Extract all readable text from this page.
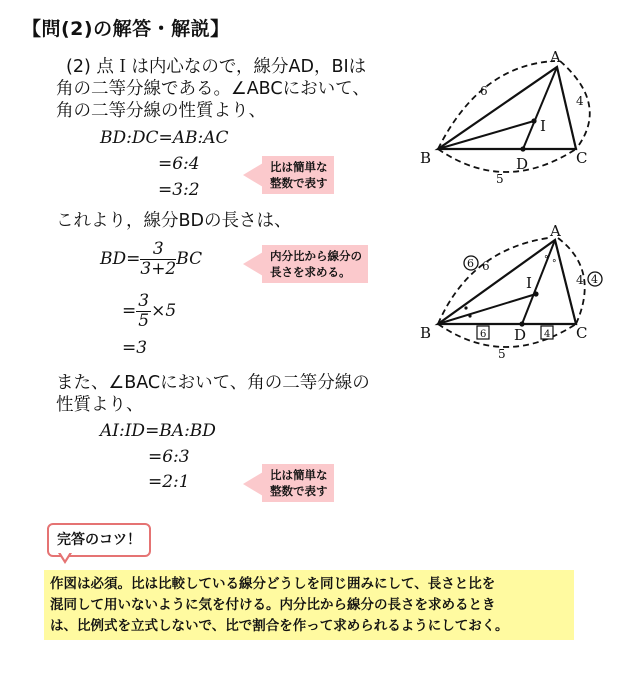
【問(2)の解答・解説】
(2) 点Ｉは内心なので，線分AD，BIは
角の二等分線である。∠ABCにおいて、
角の二等分線の性質より、
BD:DC=AB:AC
=6:4
=3:2
比は簡単な
整数で表す
これより，線分BDの長さは、
$BD= \frac{3}{3+2}$ BC
= $\frac{3}{5} \times 5$
=3
内分比から線分の
長さを求める。
また、∠BACにおいて、角の二等分線の
性質より、
AI:ID=BA:BD
=6:3
=2:1	比は簡単な
整数で表す
完答のコツ！
作図は必須。比は比較している線分どうしを同じ囲みにして、長さと比を
混同して用いないように気を付ける。内分比から線分の長さを求めるとき
は、比例式を立式しないで、比で割合を作って求められるようにしておく。
A
B	C
D
I
6
4
5
° °
A
B	C
D
I
6
4
5
6
4
6	4
